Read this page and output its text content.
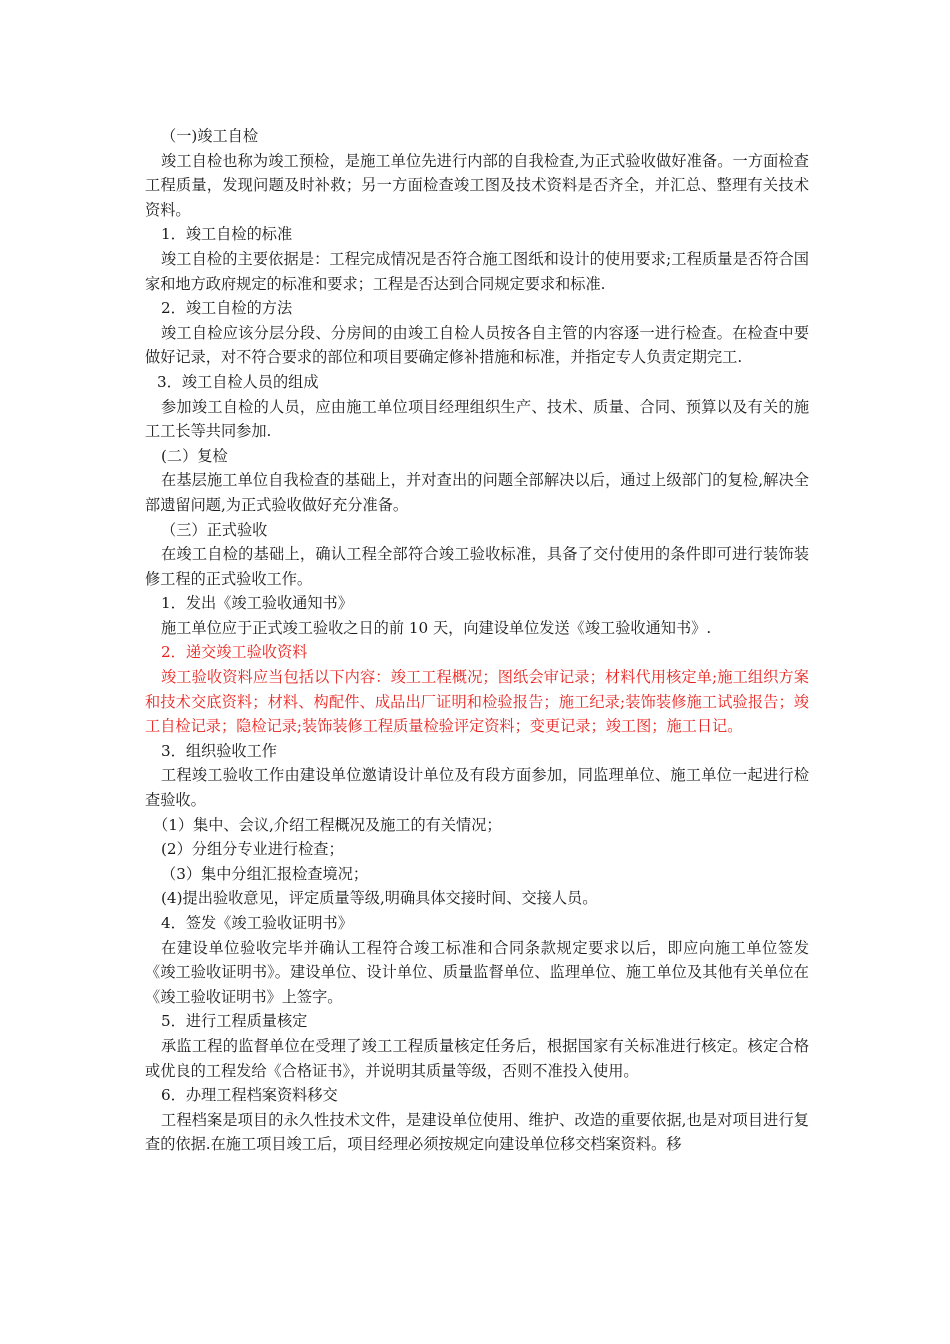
（一)竣工自检
竣工自检也称为竣工预检，是施工单位先进行内部的自我检查,为正式验收做好准备。一方面检查工程质量，发现问题及时补救；另一方面检查竣工图及技术资料是否齐全，并汇总、整理有关技术资料。
1．竣工自检的标准
竣工自检的主要依据是：工程完成情况是否符合施工图纸和设计的使用要求;工程质量是否符合国家和地方政府规定的标准和要求；工程是否达到合同规定要求和标准.
2．竣工自检的方法
竣工自检应该分层分段、分房间的由竣工自检人员按各自主管的内容逐一进行检查。在检查中要做好记录，对不符合要求的部位和项目要确定修补措施和标准，并指定专人负责定期完工.
3．竣工自检人员的组成
参加竣工自检的人员，应由施工单位项目经理组织生产、技术、质量、合同、预算以及有关的施工工长等共同参加.
(二）复检
在基层施工单位自我检查的基础上，并对查出的问题全部解决以后，通过上级部门的复检,解决全部遗留问题,为正式验收做好充分准备。
（三）正式验收
在竣工自检的基础上，确认工程全部符合竣工验收标准，具备了交付使用的条件即可进行装饰装修工程的正式验收工作。
1．发出《竣工验收通知书》
施工单位应于正式竣工验收之日的前 10 天，向建设单位发送《竣工验收通知书》.
2．递交竣工验收资料
竣工验收资料应当包括以下内容：竣工工程概况；图纸会审记录；材料代用核定单;施工组织方案和技术交底资料；材料、构配件、成品出厂证明和检验报告；施工纪录;装饰装修施工试验报告；竣工自检记录；隐检记录;装饰装修工程质量检验评定资料；变更记录；竣工图；施工日记。
3．组织验收工作
工程竣工验收工作由建设单位邀请设计单位及有段方面参加，同监理单位、施工单位一起进行检查验收。
（1）集中、会议,介绍工程概况及施工的有关情况；
(2）分组分专业进行检查；
（3）集中分组汇报检查境况；
(4)提出验收意见，评定质量等级,明确具体交接时间、交接人员。
4．签发《竣工验收证明书》
在建设单位验收完毕并确认工程符合竣工标准和合同条款规定要求以后，即应向施工单位签发《竣工验收证明书》。建设单位、设计单位、质量监督单位、监理单位、施工单位及其他有关单位在《竣工验收证明书》上签字。
5．进行工程质量核定
承监工程的监督单位在受理了竣工工程质量核定任务后，根据国家有关标准进行核定。核定合格或优良的工程发给《合格证书》，并说明其质量等级，否则不准投入使用。
6．办理工程档案资料移交
工程档案是项目的永久性技术文件，是建设单位使用、维护、改造的重要依据,也是对项目进行复查的依据.在施工项目竣工后，项目经理必须按规定向建设单位移交档案资料。移
